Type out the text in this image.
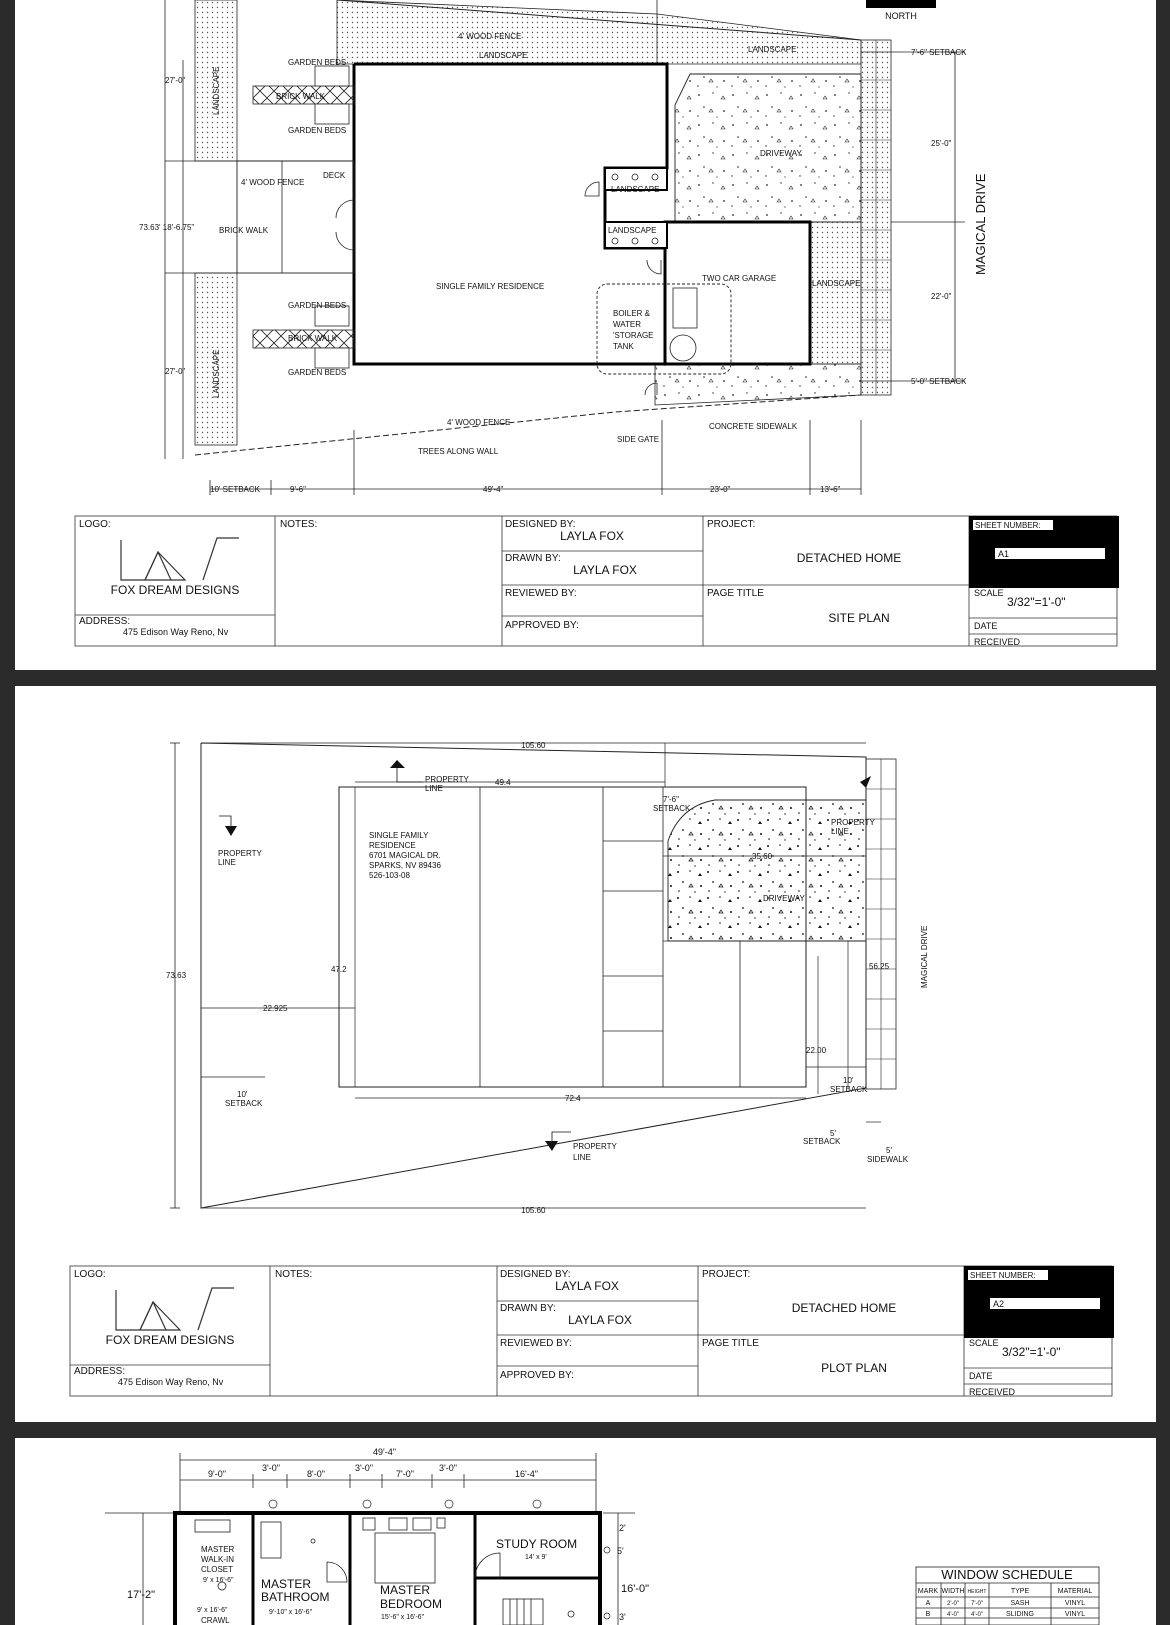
NORTH
LANDSCAPE
LANDSCAPE
4' WOOD FENCE
LANDSCAPE
LANDSCAPE
GARDEN BEDS
BRICK WALK
GARDEN BEDS
DECK
4' WOOD FENCE
BRICK WALK
LANDSCAPE
LANDSCAPE
SINGLE FAMILY RESIDENCE
DRIVEWAY
TWO CAR GARAGE
LANDSCAPE
BOILER &
WATER
'STORAGE
TANK
GARDEN BEDS
BRICK WALK
GARDEN BEDS
4' WOOD FENCE
TREES ALONG WALL
SIDE GATE
CONCRETE SIDEWALK
MAGICAL DRIVE
27'-0"
73.63' 18'-6.75"
27'-0"
7'-6" SETBACK
25'-0"
22'-0"
5'-0" SETBACK
10' SETBACK	9'-6"	49'-4"	23'-0"	13'-6"
LOGO:
FOX DREAM DESIGNS
ADDRESS:
475 Edison Way Reno, Nv
NOTES:	DESIGNED BY:
LAYLA FOX
DRAWN BY:
LAYLA FOX
REVIEWED BY:
APPROVED BY:
PROJECT:
DETACHED HOME
PAGE TITLE
SITE PLAN
SHEET NUMBER:
A1
SCALE
3/32"=1'-0"
DATE
RECEIVED
PROPERTY
LINE
PROPERTY
LINE
SINGLE FAMILY
RESIDENCE
6701 MAGICAL DR.
SPARKS, NV 89436
526-103-08
PROPERTY
LINE
DRIVEWAY
MAGICAL DRIVE
10'
SETBACK
10'
SETBACK
7'-6"
SETBACK
5'
SETBACK
5'
SIDEWALK
PROPERTY
LINE
105.60
105.60
49.4
72.4
73.63
47.2
22.925
35.60
56.25
22.00
LOGO:
FOX DREAM DESIGNS
ADDRESS:
475 Edison Way Reno, Nv
NOTES:	DESIGNED BY:
LAYLA FOX
DRAWN BY:
LAYLA FOX
REVIEWED BY:
APPROVED BY:
PROJECT:
DETACHED HOME
PAGE TITLE
PLOT PLAN
SHEET NUMBER:
A2
SCALE
3/32"=1'-0"
DATE
RECEIVED
49'-4"
9'-0"
3'-0"
8'-0"
3'-0"
7'-0"
3'-0"
16'-4"
17'-2"
2'
5'
16'-0"
3'
MASTER
WALK-IN
CLOSET
9' x 16'-6"
9' x 16'-6"
CRAWL
MASTER
BATHROOM
9'-10" x 16'-6"
MASTER
BEDROOM
15'-6" x 16'-6"
STUDY ROOM
14' x 9'
WINDOW SCHEDULE
MARK WIDTH HEIGHT	TYPE	MATERIAL
A	2'-0" 7'-0"	SASH	VINYL
B	4'-0" 4'-0"	SLIDING	VINYL
